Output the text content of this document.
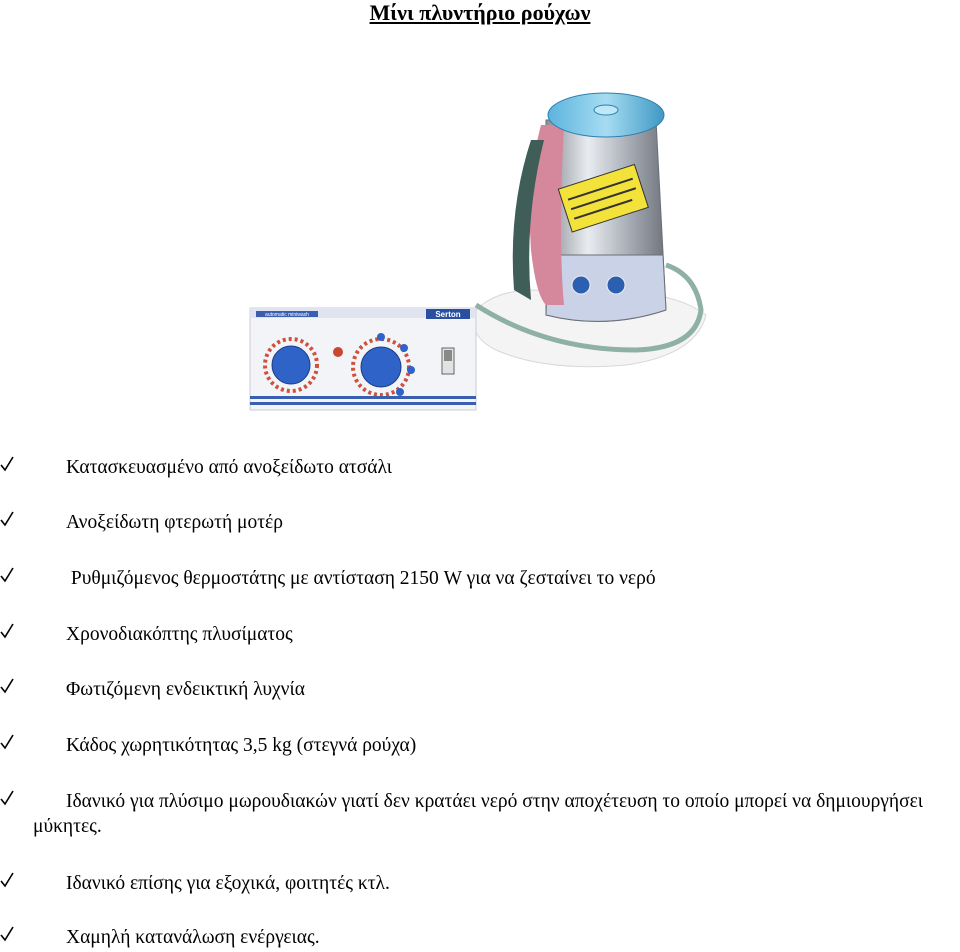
Μίνι πλυντήριο ρούχων
Serton
automatic miniwash
Κατασκευασμένο από ανοξείδωτο ατσάλι
Ανοξείδωτη φτερωτή μοτέρ
Ρυθμιζόμενος θερμοστάτης με αντίσταση 2150 W για να ζεσταίνει το νερό
Χρονοδιακόπτης πλυσίματος
Φωτιζόμενη ενδεικτική λυχνία
Κάδος χωρητικότητας 3,5 kg (στεγνά ρούχα)
Ιδανικό για πλύσιμο μωρουδιακών γιατί δεν κρατάει νερό στην αποχέτευση το οποίο μπορεί να δημιουργήσει μύκητες.
Ιδανικό επίσης για εξοχικά, φοιτητές κτλ.
Χαμηλή κατανάλωση ενέργειας.
